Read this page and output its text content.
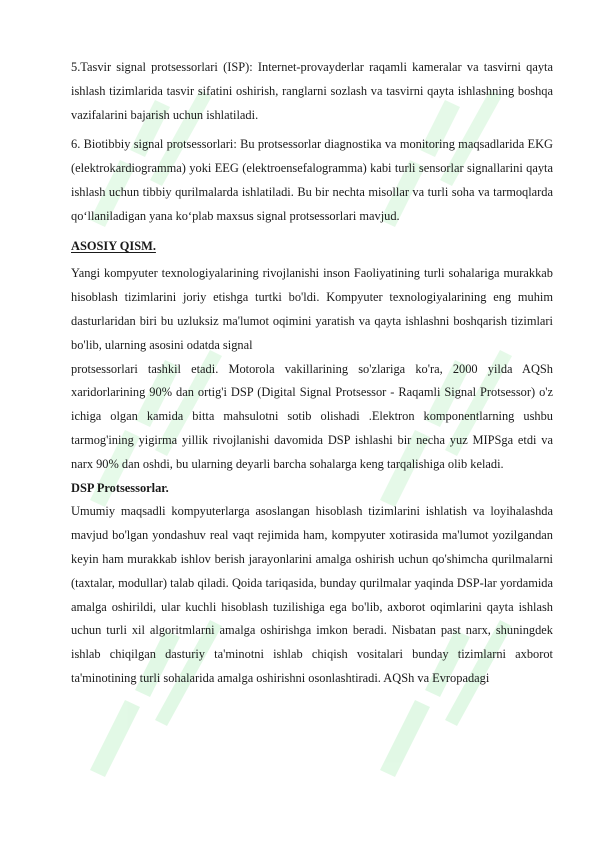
5.Tasvir signal protsessorlari (ISP): Internet-provayderlar raqamli kameralar va tasvirni qayta ishlash tizimlarida tasvir sifatini oshirish, ranglarni sozlash va tasvirni qayta ishlashning boshqa vazifalarini bajarish uchun ishlatiladi.

6. Biotibbiy signal protsessorlari: Bu protsessorlar diagnostika va monitoring maqsadlarida EKG (elektrokardiogramma) yoki EEG (elektroensefalogramma) kabi turli sensorlar signallarini qayta ishlash uchun tibbiy qurilmalarda ishlatiladi. Bu bir nechta misollar va turli soha va tarmoqlarda qo‘llaniladigan yana ko‘plab maxsus signal protsessorlari mavjud.

ASOSIY QISM.

Yangi kompyuter texnologiyalarining rivojlanishi inson Faoliyatining turli sohalariga murakkab hisoblash tizimlarini joriy etishga turtki bo'ldi. Kompyuter texnologiyalarining eng muhim dasturlaridan biri bu uzluksiz ma'lumot oqimini yaratish va qayta ishlashni boshqarish tizimlari bo'lib, ularning asosini odatda signal

protsessorlari tashkil etadi. Motorola vakillarining so'zlariga ko'ra, 2000 yilda AQSh xaridorlarining 90% dan ortig'i DSP (Digital Signal Protsessor - Raqamli Signal Protsessor) o'z ichiga olgan kamida bitta mahsulotni sotib olishadi .Elektron komponentlarning ushbu tarmog'ining yigirma yillik rivojlanishi davomida DSP ishlashi bir necha yuz MIPSga etdi va narx 90% dan oshdi, bu ularning deyarli barcha sohalarga keng tarqalishiga olib keladi.

DSP Protsessorlar.

Umumiy maqsadli kompyuterlarga asoslangan hisoblash tizimlarini ishlatish va loyihalashda mavjud bo'lgan yondashuv real vaqt rejimida ham, kompyuter xotirasida ma'lumot yozilgandan keyin ham murakkab ishlov berish jarayonlarini amalga oshirish uchun qo'shimcha qurilmalarni (taxtalar, modullar) talab qiladi. Qoida tariqasida, bunday qurilmalar yaqinda DSP-lar yordamida amalga oshirildi, ular kuchli hisoblash tuzilishiga ega bo'lib, axborot oqimlarini qayta ishlash uchun turli xil algoritmlarni amalga oshirishga imkon beradi. Nisbatan past narx, shuningdek ishlab chiqilgan dasturiy ta'minotni ishlab chiqish vositalari bunday tizimlarni axborot ta'minotining turli sohalarida amalga oshirishni osonlashtiradi. AQSh va Evropadagi
